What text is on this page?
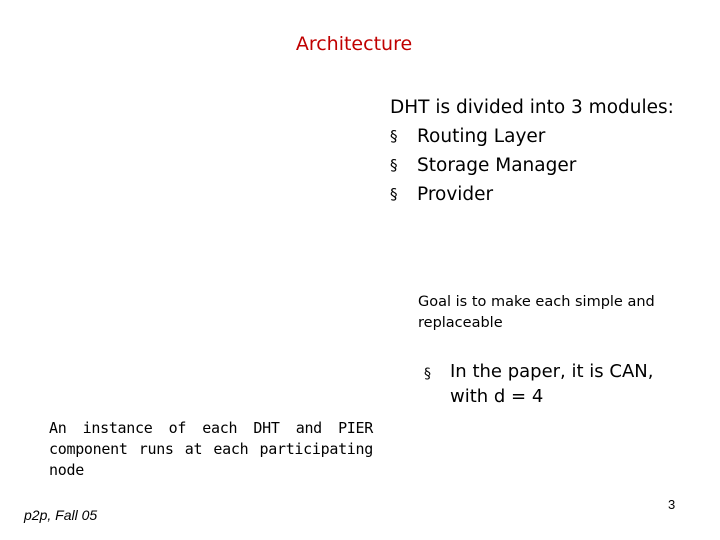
Architecture
DHT is divided into 3 modules:
§	Routing Layer
§	Storage Manager
§	Provider
Goal is to make each simple and replaceable
§	In the paper, it is CAN, with d = 4
An instance of each DHT and PIER component runs at each participating node
p2p, Fall 05
3
